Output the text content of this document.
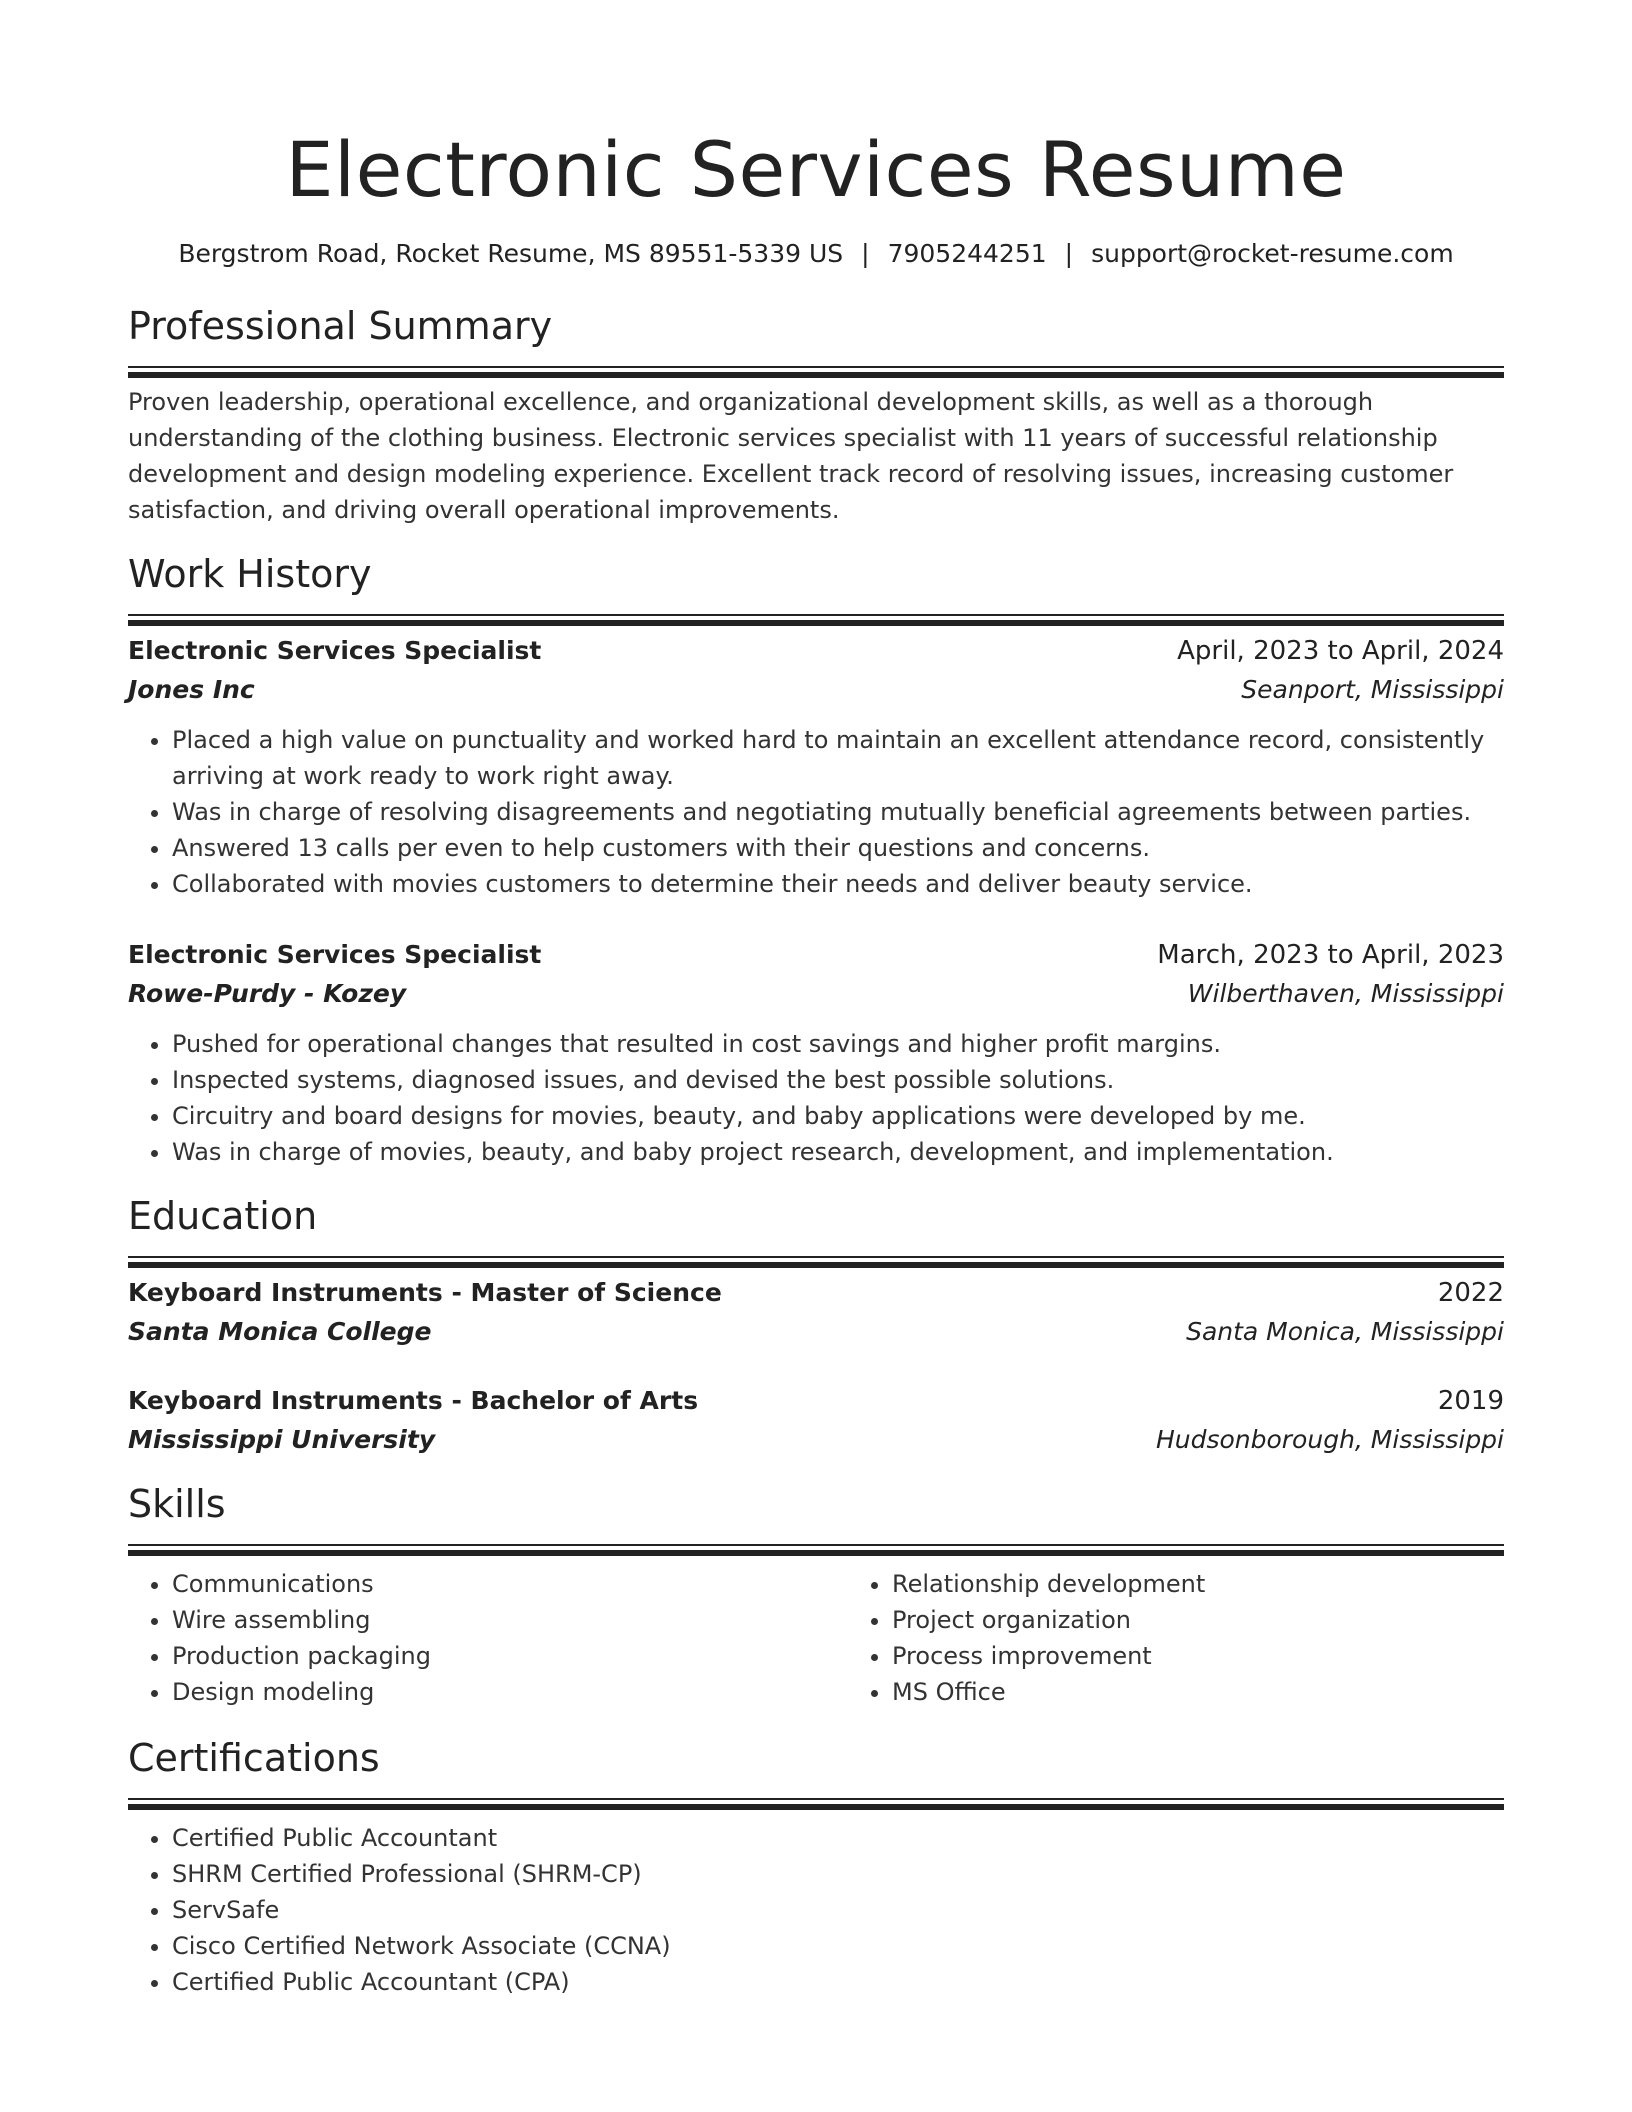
Electronic Services Resume
Bergstrom Road, Rocket Resume, MS 89551-5339 US | 7905244251 | support@rocket-resume.com
Professional Summary
Proven leadership, operational excellence, and organizational development skills, as well as a thorough understanding of the clothing business. Electronic services specialist with 11 years of successful relationship development and design modeling experience. Excellent track record of resolving issues, increasing customer satisfaction, and driving overall operational improvements.
Work History
Electronic Services Specialist	April, 2023 to April, 2024
Jones Inc	Seanport, Mississippi
• Placed a high value on punctuality and worked hard to maintain an excellent attendance record, consistently arriving at work ready to work right away.
• Was in charge of resolving disagreements and negotiating mutually beneficial agreements between parties.
• Answered 13 calls per even to help customers with their questions and concerns.
• Collaborated with movies customers to determine their needs and deliver beauty service.
Electronic Services Specialist	March, 2023 to April, 2023
Rowe-Purdy - Kozey	Wilberthaven, Mississippi
• Pushed for operational changes that resulted in cost savings and higher profit margins.
• Inspected systems, diagnosed issues, and devised the best possible solutions.
• Circuitry and board designs for movies, beauty, and baby applications were developed by me.
• Was in charge of movies, beauty, and baby project research, development, and implementation.
Education
Keyboard Instruments - Master of Science	2022
Santa Monica College	Santa Monica, Mississippi
Keyboard Instruments - Bachelor of Arts	2019
Mississippi University	Hudsonborough, Mississippi
Skills
• Communications
• Wire assembling
• Production packaging
• Design modeling
• Relationship development
• Project organization
• Process improvement
• MS Office
Certifications
• Certified Public Accountant
• SHRM Certified Professional (SHRM-CP)
• ServSafe
• Cisco Certified Network Associate (CCNA)
• Certified Public Accountant (CPA)
